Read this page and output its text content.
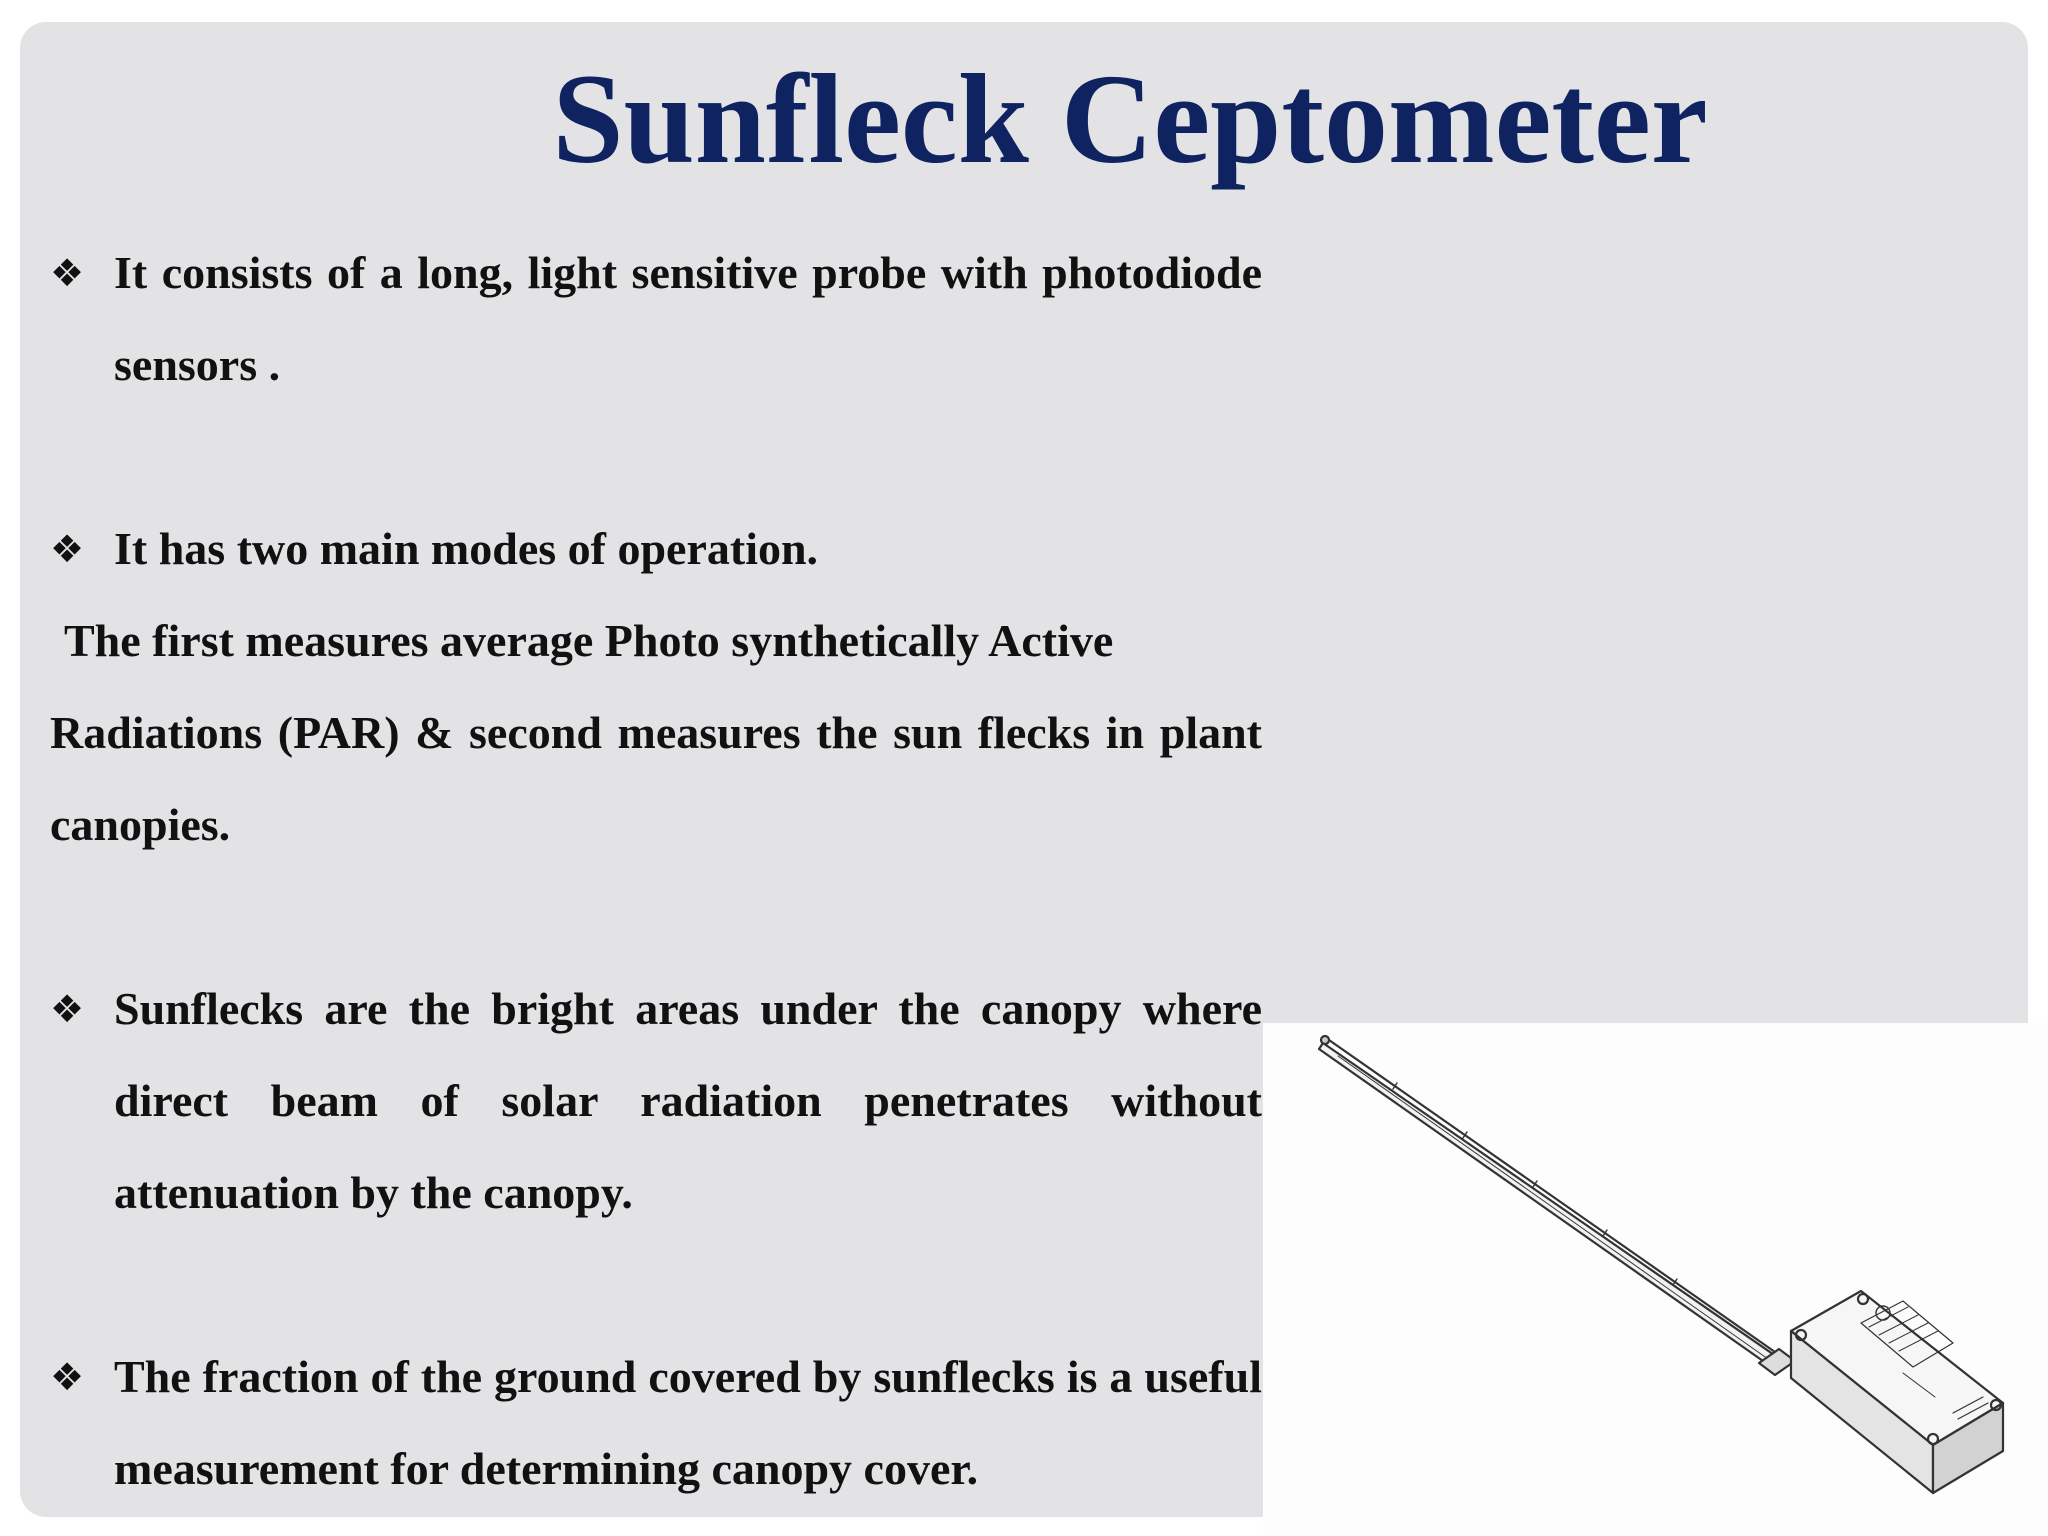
Sunfleck Ceptometer
❖ It consists of a long, light sensitive probe with photodiode sensors .
❖ It has two main modes of operation.
The first measures average Photo synthetically Active
Radiations (PAR) & second measures the sun flecks in plant canopies.
❖ Sunflecks are the bright areas under the canopy where direct beam of solar radiation penetrates without attenuation by the canopy.
❖ The fraction of the ground covered by sunflecks is a useful measurement for determining canopy cover.
